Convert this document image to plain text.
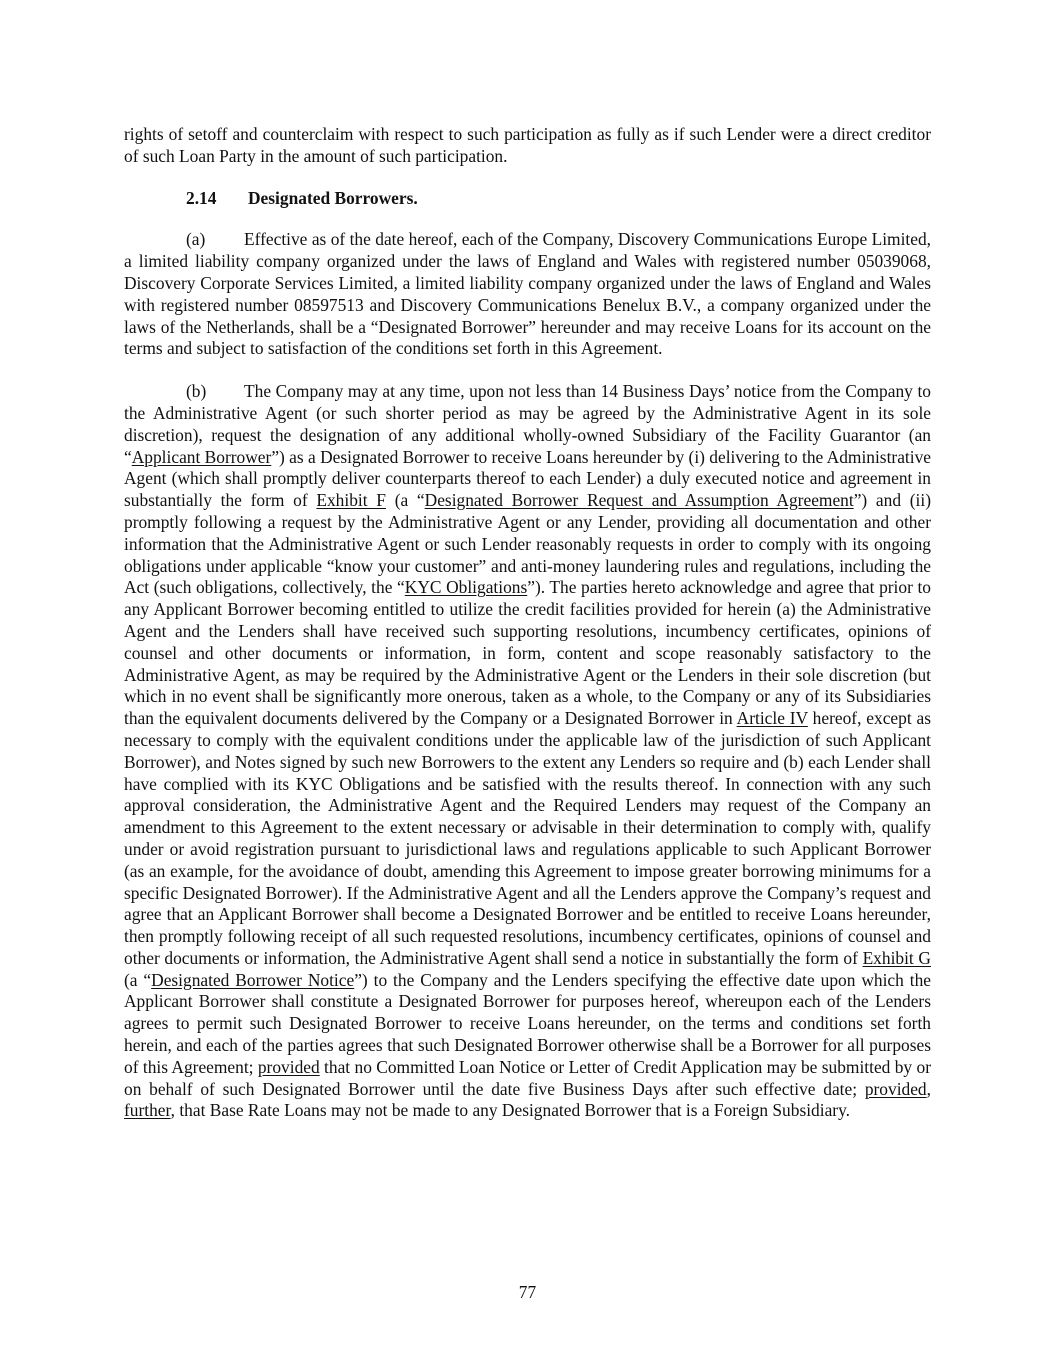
rights of setoff and counterclaim with respect to such participation as fully as if such Lender were a direct creditor of such Loan Party in the amount of such participation.

2.14 Designated Borrowers.

(a) Effective as of the date hereof, each of the Company, Discovery Communications Europe Limited, a limited liability company organized under the laws of England and Wales with registered number 05039068, Discovery Corporate Services Limited, a limited liability company organized under the laws of England and Wales with registered number 08597513 and Discovery Communications Benelux B.V., a company organized under the laws of the Netherlands, shall be a “Designated Borrower” hereunder and may receive Loans for its account on the terms and subject to satisfaction of the conditions set forth in this Agreement.

(b) The Company may at any time, upon not less than 14 Business Days’ notice from the Company to the Administrative Agent (or such shorter period as may be agreed by the Administrative Agent in its sole discretion), request the designation of any additional wholly-owned Subsidiary of the Facility Guarantor (an “Applicant Borrower”) as a Designated Borrower to receive Loans hereunder by (i) delivering to the Administrative Agent (which shall promptly deliver counterparts thereof to each Lender) a duly executed notice and agreement in substantially the form of Exhibit F (a “Designated Borrower Request and Assumption Agreement”) and (ii) promptly following a request by the Administrative Agent or any Lender, providing all documentation and other information that the Administrative Agent or such Lender reasonably requests in order to comply with its ongoing obligations under applicable “know your customer” and anti-money laundering rules and regulations, including the Act (such obligations, collectively, the “KYC Obligations”). The parties hereto acknowledge and agree that prior to any Applicant Borrower becoming entitled to utilize the credit facilities provided for herein (a) the Administrative Agent and the Lenders shall have received such supporting resolutions, incumbency certificates, opinions of counsel and other documents or information, in form, content and scope reasonably satisfactory to the Administrative Agent, as may be required by the Administrative Agent or the Lenders in their sole discretion (but which in no event shall be significantly more onerous, taken as a whole, to the Company or any of its Subsidiaries than the equivalent documents delivered by the Company or a Designated Borrower in Article IV hereof, except as necessary to comply with the equivalent conditions under the applicable law of the jurisdiction of such Applicant Borrower), and Notes signed by such new Borrowers to the extent any Lenders so require and (b) each Lender shall have complied with its KYC Obligations and be satisfied with the results thereof. In connection with any such approval consideration, the Administrative Agent and the Required Lenders may request of the Company an amendment to this Agreement to the extent necessary or advisable in their determination to comply with, qualify under or avoid registration pursuant to jurisdictional laws and regulations applicable to such Applicant Borrower (as an example, for the avoidance of doubt, amending this Agreement to impose greater borrowing minimums for a specific Designated Borrower). If the Administrative Agent and all the Lenders approve the Company’s request and agree that an Applicant Borrower shall become a Designated Borrower and be entitled to receive Loans hereunder, then promptly following receipt of all such requested resolutions, incumbency certificates, opinions of counsel and other documents or information, the Administrative Agent shall send a notice in substantially the form of Exhibit G (a “Designated Borrower Notice”) to the Company and the Lenders specifying the effective date upon which the Applicant Borrower shall constitute a Designated Borrower for purposes hereof, whereupon each of the Lenders agrees to permit such Designated Borrower to receive Loans hereunder, on the terms and conditions set forth herein, and each of the parties agrees that such Designated Borrower otherwise shall be a Borrower for all purposes of this Agreement; provided that no Committed Loan Notice or Letter of Credit Application may be submitted by or on behalf of such Designated Borrower until the date five Business Days after such effective date; provided, further, that Base Rate Loans may not be made to any Designated Borrower that is a Foreign Subsidiary.

77
